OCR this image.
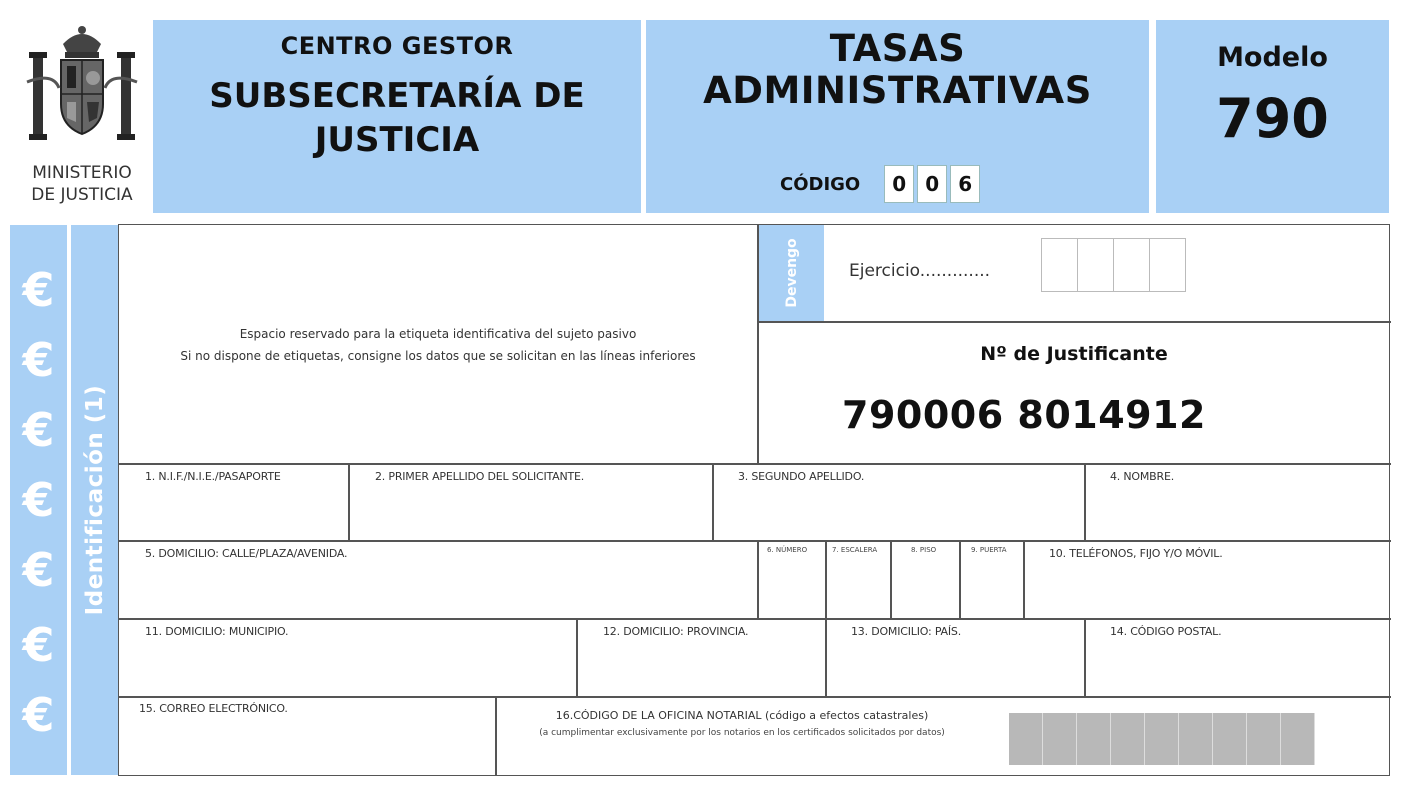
MINISTERIO
DE JUSTICIA
CENTRO GESTOR
SUBSECRETARÍA DE
JUSTICIA
TASAS
ADMINISTRATIVAS
CÓDIGO	0 0 6
Modelo
790
€
€
€
€
€
€
€
Identificación (1)
Espacio reservado para la etiqueta identificativa del sujeto pasivo
Si no dispone de etiquetas, consigne los datos que se solicitan en las líneas inferiores
Devengo	Ejercicio.............
Nº de Justificante
790006 8014912
1. N.I.F./N.I.E./PASAPORTE	2. PRIMER APELLIDO DEL SOLICITANTE.	3. SEGUNDO APELLIDO.	4. NOMBRE.
5. DOMICILIO: CALLE/PLAZA/AVENIDA.	6. NÚMERO	7. ESCALERA	8. PISO	9. PUERTA	10. TELÉFONOS, FIJO Y/O MÓVIL.
11. DOMICILIO: MUNICIPIO.	12. DOMICILIO: PROVINCIA.	13. DOMICILIO: PAÍS.	14. CÓDIGO POSTAL.
15. CORREO ELECTRÓNICO.
16.CÓDIGO DE LA OFICINA NOTARIAL (código a efectos catastrales)
(a cumplimentar exclusivamente por los notarios en los certificados solicitados por datos)
